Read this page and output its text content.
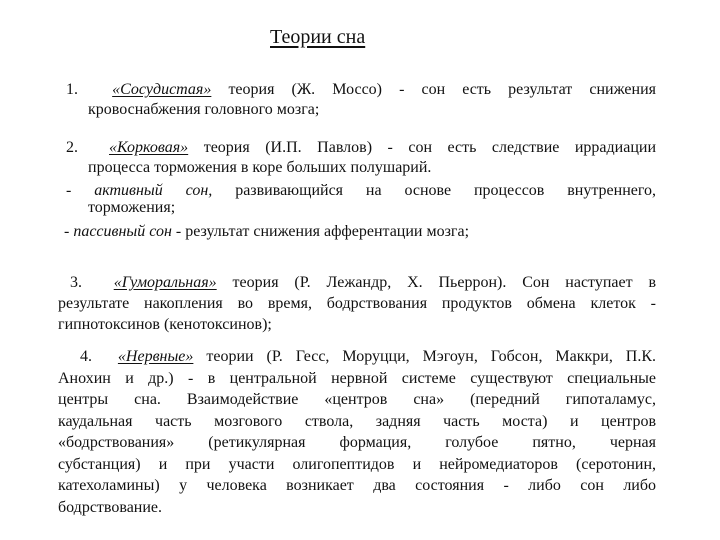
Теории сна
1. «Сосудистая» теория (Ж. Моссо) - сон есть результат снижения
кровоснабжения головного мозга;
2. «Корковая» теория (И.П. Павлов) - сон есть следствие иррадиации
процесса торможения в коре больших полушарий.
- активный сон, развивающийся на основе процессов внутреннего,
торможения;
- пассивный сон - результат снижения афферентации мозга;
3. «Гуморальная» теория (Р. Лежандр, Х. Пьеррон). Сон наступает в
результате накопления во время, бодрствования продуктов обмена клеток -
гипнотоксинов (кенотоксинов);
4. «Нервные» теории (Р. Гесс, Моруцци, Мэгоун, Гобсон, Маккри, П.К.
Анохин и др.) - в центральной нервной системе существуют специальные
центры сна. Взаимодействие «центров сна» (передний гипоталамус,
каудальная часть мозгового ствола, задняя часть моста) и центров
«бодрствования» (ретикулярная формация, голубое пятно, черная
субстанция) и при участи олигопептидов и нейромедиаторов (серотонин,
катехоламины) у человека возникает два состояния - либо сон либо
бодрствование.
